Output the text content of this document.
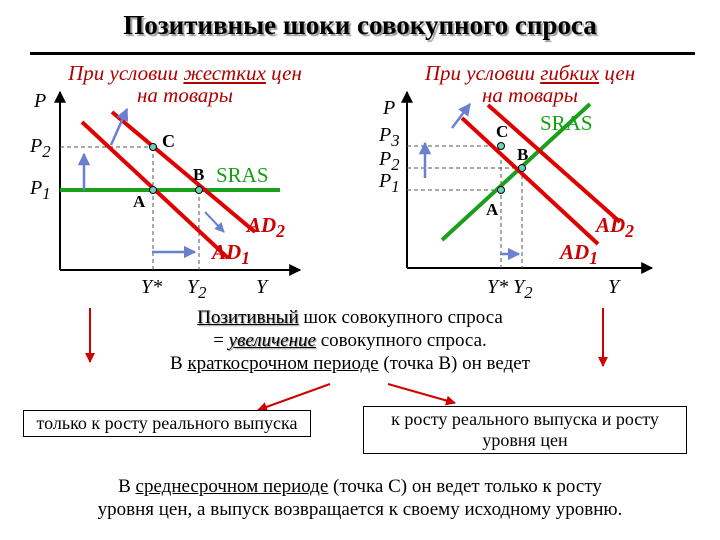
Позитивные шоки совокупного спроса
При условии жестких цен
на товары
P
$P_2$
$P_1$
C
A
B SRAS
$AD_2$
$AD_1$
Y* $Y_2$ Y
При условии гибких цен
на товары
P
$P_3$
$P_2$
$P_1$
SRAS
C
B
A
$AD_2$
$AD_1$
Y* $Y_2$	Y
Позитивный шок совокупного спроса
= увеличение совокупного спроса.
В краткосрочном периоде (точка В) он ведет
только к росту реального выпуска	к росту реального выпуска и росту уровня цен
В среднесрочном периоде (точка С) он ведет только к росту
уровня цен, а выпуск возвращается к своему исходному уровню.
